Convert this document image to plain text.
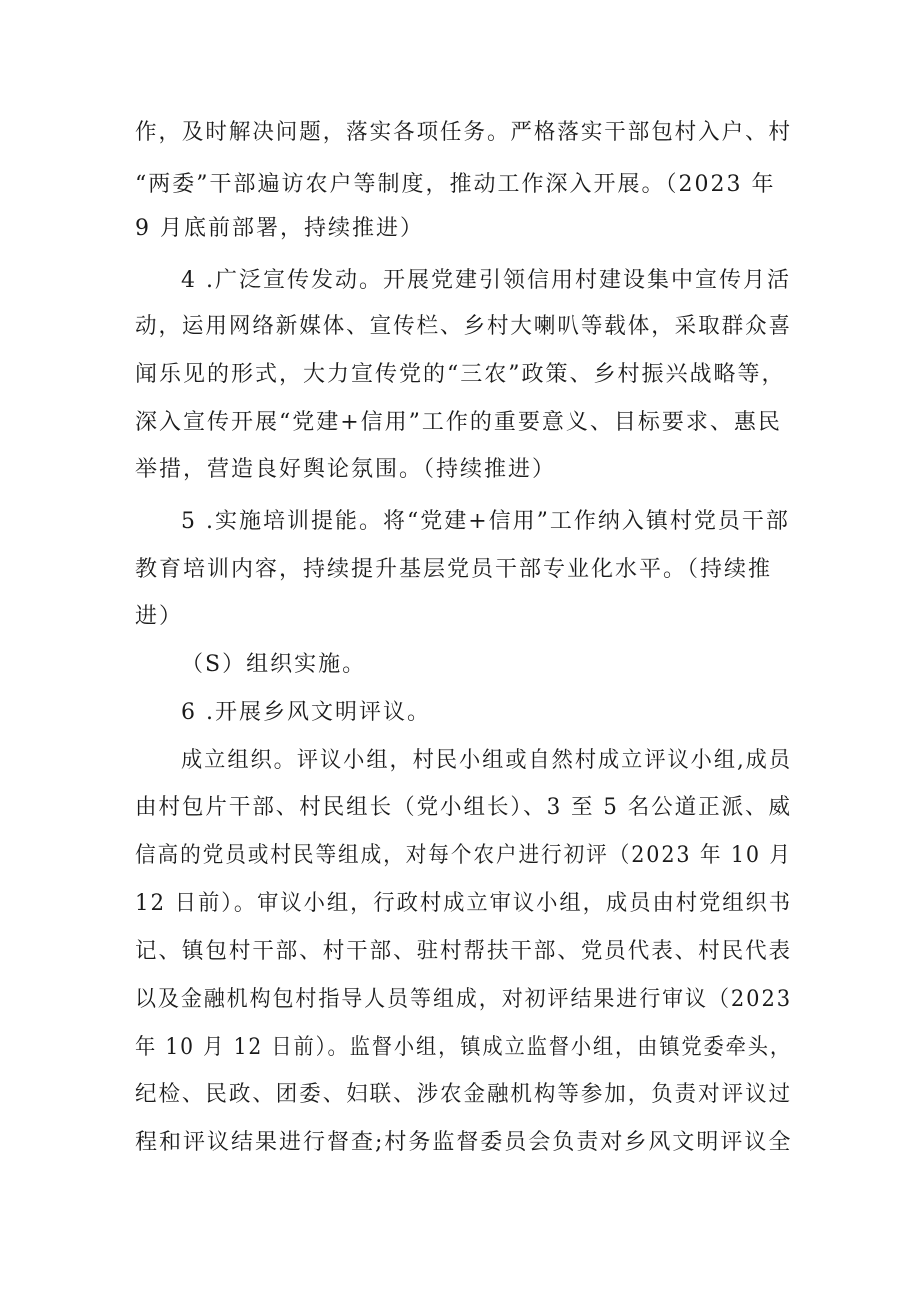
作，及时解决问题，落实各项任务。严格落实干部包村入户、村
“两委”干部遍访农户等制度，推动工作深入开展。（2023 年
9 月底前部署，持续推进）
4 .广泛宣传发动。开展党建引领信用村建设集中宣传月活
动，运用网络新媒体、宣传栏、乡村大喇叭等载体，采取群众喜
闻乐见的形式，大力宣传党的“三农”政策、乡村振兴战略等，
深入宣传开展“党建+信用”工作的重要意义、目标要求、惠民
举措，营造良好舆论氛围。（持续推进）
5 .实施培训提能。将“党建+信用”工作纳入镇村党员干部
教育培训内容，持续提升基层党员干部专业化水平。（持续推
进）
（S）组织实施。
6 .开展乡风文明评议。
成立组织。评议小组，村民小组或自然村成立评议小组,成员
由村包片干部、村民组长（党小组长）、3 至 5 名公道正派、威
信高的党员或村民等组成，对每个农户进行初评（2023 年 10 月
12 日前）。审议小组，行政村成立审议小组，成员由村党组织书
记、镇包村干部、村干部、驻村帮扶干部、党员代表、村民代表
以及金融机构包村指导人员等组成，对初评结果进行审议（2023
年 10 月 12 日前）。监督小组，镇成立监督小组，由镇党委牵头，
纪检、民政、团委、妇联、涉农金融机构等参加，负责对评议过
程和评议结果进行督查;村务监督委员会负责对乡风文明评议全
